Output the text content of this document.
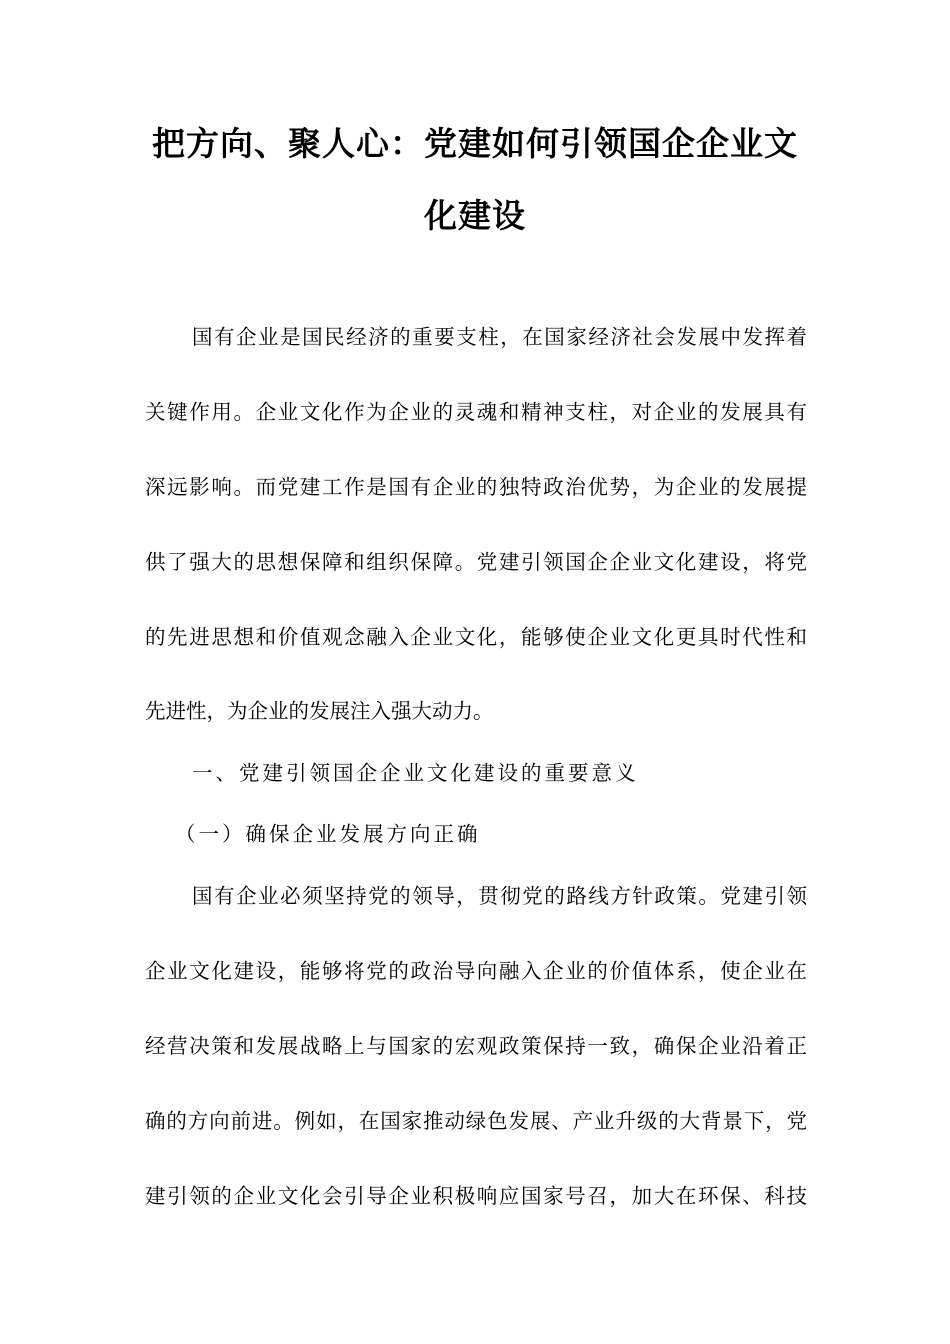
把方向、聚人心：党建如何引领国企企业文
化建设
国有企业是国民经济的重要支柱，在国家经济社会发展中发挥着
关键作用。企业文化作为企业的灵魂和精神支柱，对企业的发展具有
深远影响。而党建工作是国有企业的独特政治优势，为企业的发展提
供了强大的思想保障和组织保障。党建引领国企企业文化建设，将党
的先进思想和价值观念融入企业文化，能够使企业文化更具时代性和
先进性，为企业的发展注入强大动力。
一、党建引领国企企业文化建设的重要意义
（一）确保企业发展方向正确
国有企业必须坚持党的领导，贯彻党的路线方针政策。党建引领
企业文化建设，能够将党的政治导向融入企业的价值体系，使企业在
经营决策和发展战略上与国家的宏观政策保持一致，确保企业沿着正
确的方向前进。例如，在国家推动绿色发展、产业升级的大背景下，党
建引领的企业文化会引导企业积极响应国家号召，加大在环保、科技
